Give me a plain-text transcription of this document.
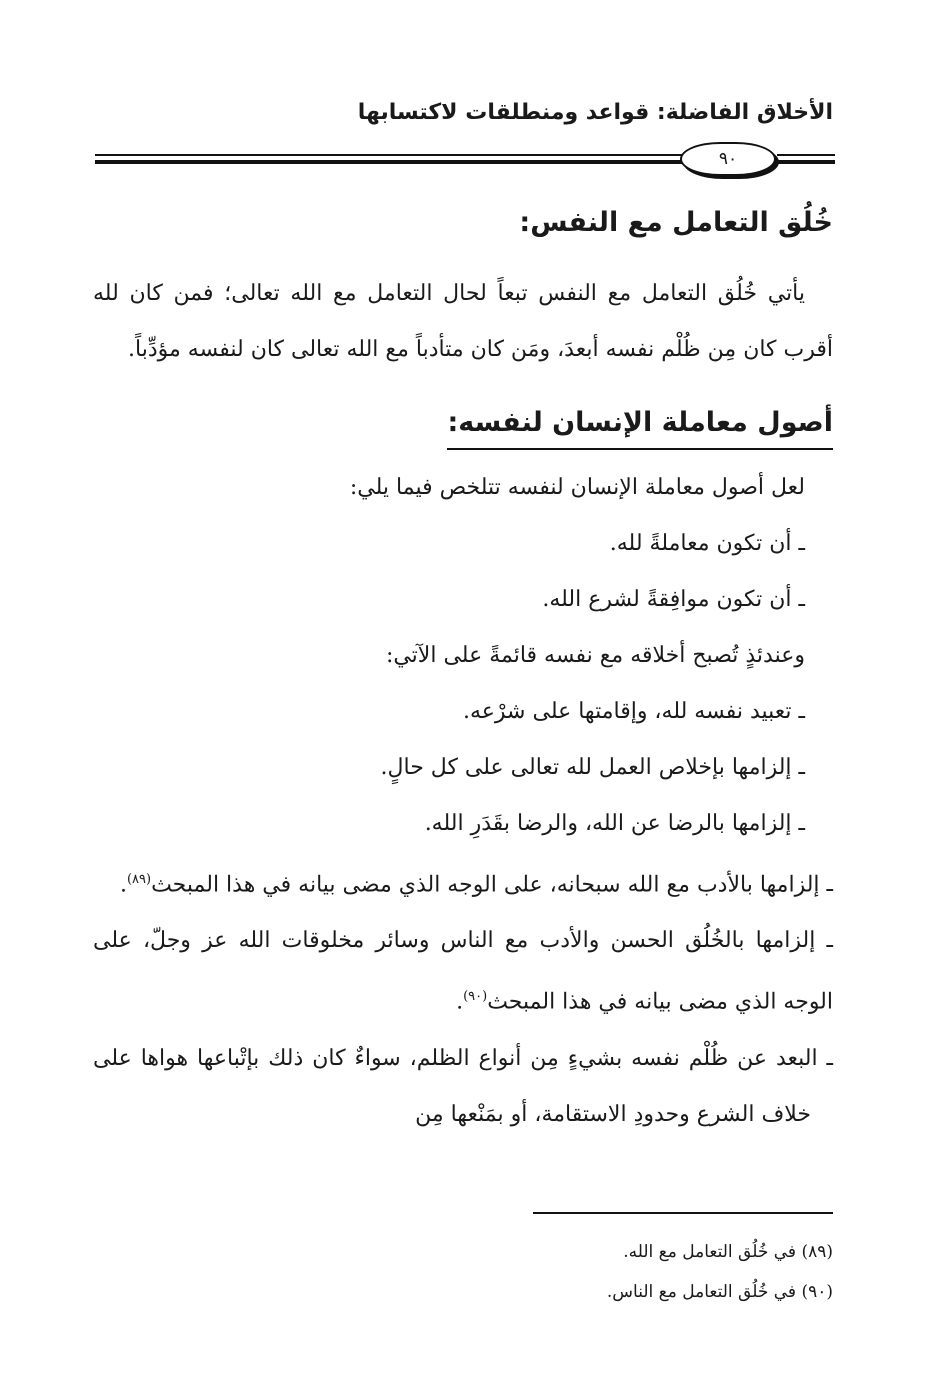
الأخلاق الفاضلة: قواعد ومنطلقات لاكتسابها
٩٠
خُلُق التعامل مع النفس:

يأتي خُلُق التعامل مع النفس تبعاً لحال التعامل مع الله تعالى؛ فمن كان لله أقرب كان مِن ظُلْم نفسه أبعدَ، ومَن كان متأدباً مع الله تعالى كان لنفسه مؤدِّباً.

أصول معاملة الإنسان لنفسه:
لعل أصول معاملة الإنسان لنفسه تتلخص فيما يلي:
ـ أن تكون معاملةً لله.
ـ أن تكون موافِقةً لشرع الله.
وعندئذٍ تُصبح أخلاقه مع نفسه قائمةً على الآتي:
ـ تعبيد نفسه لله، وإقامتها على شرْعه.
ـ إلزامها بإخلاص العمل لله تعالى على كل حالٍ.
ـ إلزامها بالرضا عن الله، والرضا بقَدَرِ الله.
ـ إلزامها بالأدب مع الله سبحانه، على الوجه الذي مضى بيانه في هذا المبحث$^{(٨٩)}$.
ـ إلزامها بالخُلُق الحسن والأدب مع الناس وسائر مخلوقات الله عز وجلّ، على الوجه الذي مضى بيانه في هذا المبحث$^{(٩٠)}$.
ـ البعد عن ظُلْم نفسه بشيءٍ مِن أنواع الظلم، سواءٌ كان ذلك بإتْباعها هواها على خلاف الشرع وحدودِ الاستقامة، أو بمَنْعها مِن
(٨٩) في خُلُق التعامل مع الله.
(٩٠) في خُلُق التعامل مع الناس.
